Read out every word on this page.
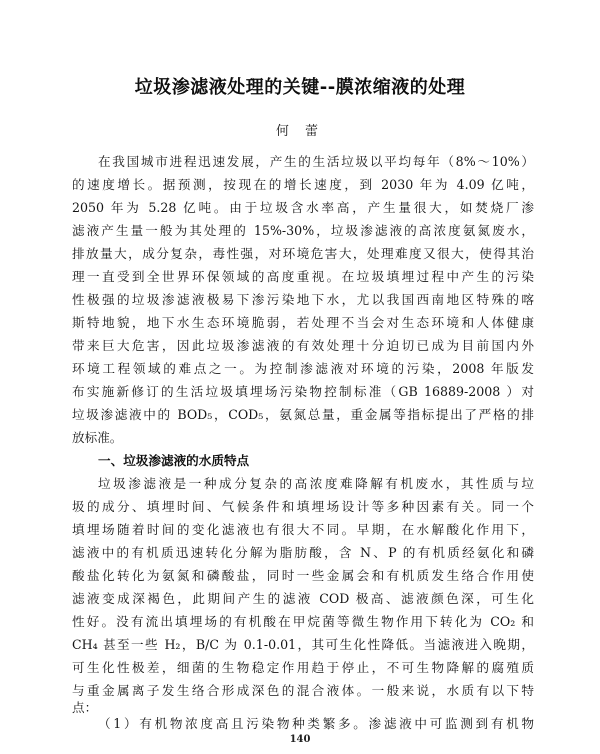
垃圾渗滤液处理的关键--膜浓缩液的处理
何 蕾
在我国城市进程迅速发展，产生的生活垃圾以平均每年（8%～10%）
的速度增长。据预测，按现在的增长速度，到 2030 年为 4.09 亿吨，
2050 年为 5.28 亿吨。由于垃圾含水率高，产生量很大，如焚烧厂渗
滤液产生量一般为其处理的 15%-30%，垃圾渗滤液的高浓度氨氮废水，
排放量大，成分复杂，毒性强，对环境危害大，处理难度又很大，使得其治
理一直受到全世界环保领域的高度重视。在垃圾填埋过程中产生的污染
性极强的垃圾渗滤液极易下渗污染地下水，尤以我国西南地区特殊的喀
斯特地貌，地下水生态环境脆弱，若处理不当会对生态环境和人体健康
带来巨大危害，因此垃圾渗滤液的有效处理十分迫切已成为目前国内外
环境工程领域的难点之一。为控制渗滤液对环境的污染，2008 年版发
布实施新修订的生活垃圾填埋场污染物控制标准（GB 16889-2008 ）对
垃圾渗滤液中的 BOD₅，COD₅，氨氮总量，重金属等指标提出了严格的排
放标准。
一、垃圾渗滤液的水质特点
垃圾渗滤液是一种成分复杂的高浓度难降解有机废水，其性质与垃
圾的成分、填埋时间、气候条件和填埋场设计等多种因素有关。同一个
填埋场随着时间的变化滤液也有很大不同。早期，在水解酸化作用下，
滤液中的有机质迅速转化分解为脂肪酸，含 N、P 的有机质经氨化和磷
酸盐化转化为氨氮和磷酸盐，同时一些金属会和有机质发生络合作用使
滤液变成深褐色，此期间产生的滤液 COD 极高、滤液颜色深，可生化
性好。没有流出填埋场的有机酸在甲烷菌等微生物作用下转化为 CO₂ 和
CH₄ 甚至一些 H₂，B/C 为 0.1-0.01，其可生化性降低。当滤液进入晚期，
可生化性极差，细菌的生物稳定作用趋于停止，不可生物降解的腐殖质
与重金属离子发生络合形成深色的混合液体。一般来说，水质有以下特
点：
（1）有机物浓度高且污染物种类繁多。渗滤液中可监测到有机物
140
